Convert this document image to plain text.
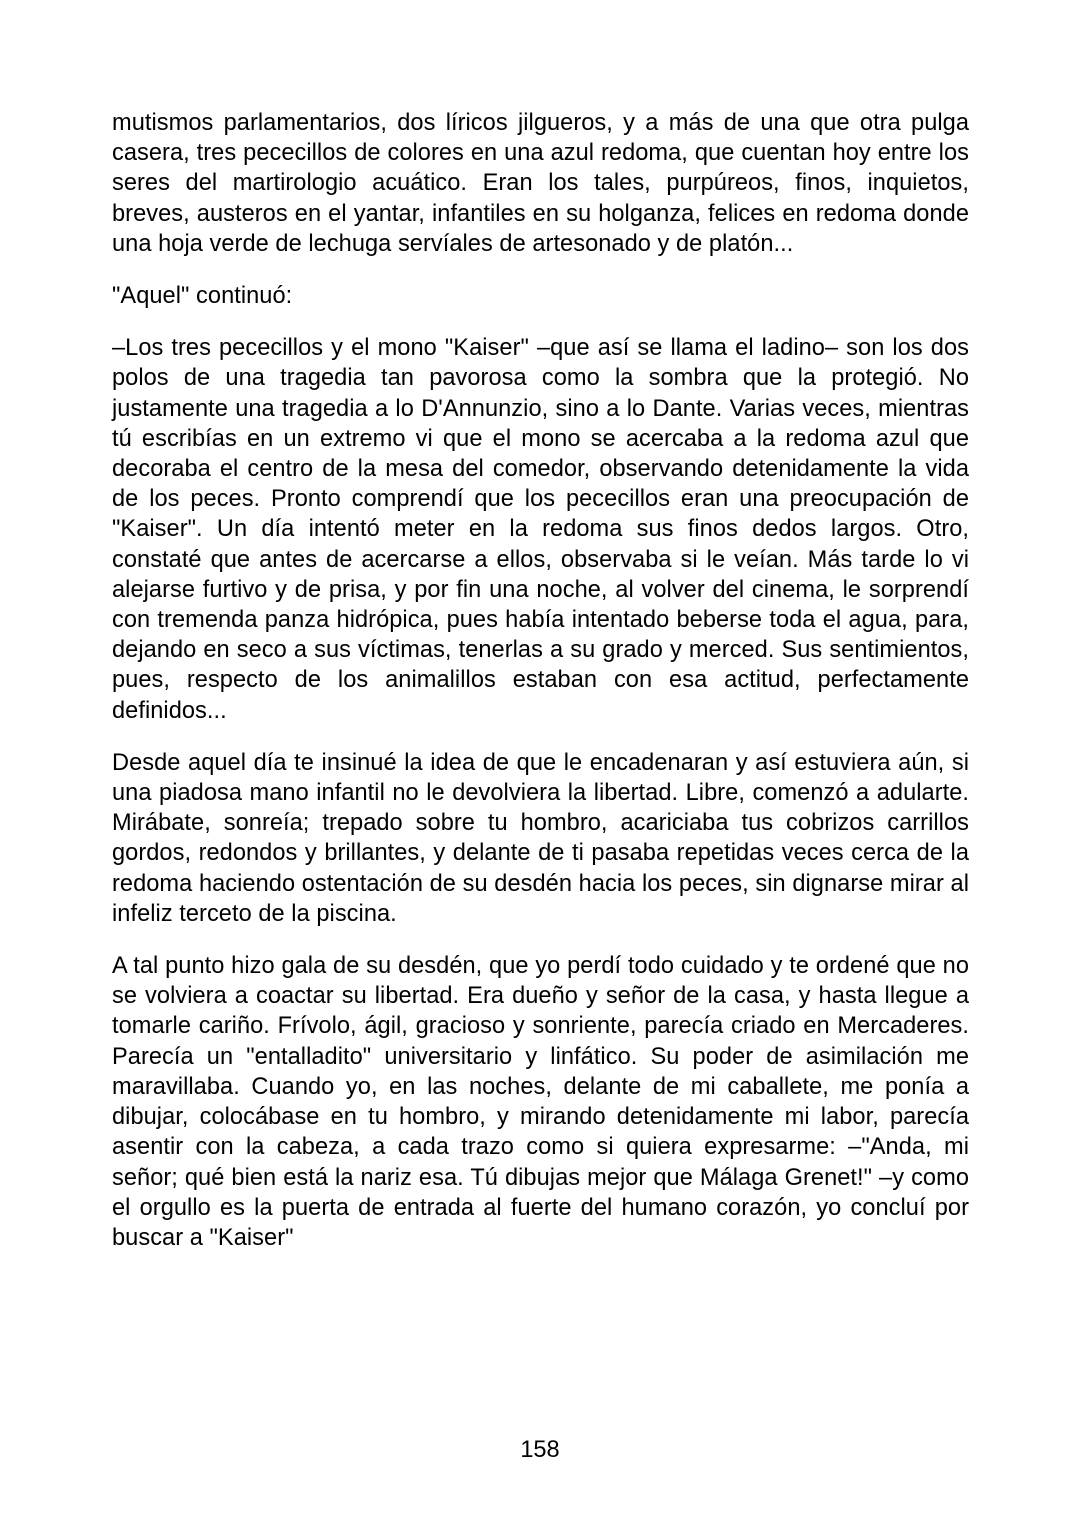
mutismos parlamentarios, dos líricos jilgueros, y a más de una que otra pulga casera, tres pececillos de colores en una azul redoma, que cuentan hoy entre los seres del martirologio acuático. Eran los tales, purpúreos, finos, inquietos, breves, austeros en el yantar, infantiles en su holganza, felices en redoma donde una hoja verde de lechuga servíales de artesonado y de platón...

"Aquel" continuó:

–Los tres pececillos y el mono "Kaiser" –que así se llama el ladino– son los dos polos de una tragedia tan pavorosa como la sombra que la protegió. No justamente una tragedia a lo D'Annunzio, sino a lo Dante. Varias veces, mientras tú escribías en un extremo vi que el mono se acercaba a la redoma azul que decoraba el centro de la mesa del comedor, observando detenidamente la vida de los peces. Pronto comprendí que los pececillos eran una preocupación de "Kaiser". Un día intentó meter en la redoma sus finos dedos largos. Otro, constaté que antes de acercarse a ellos, observaba si le veían. Más tarde lo vi alejarse furtivo y de prisa, y por fin una noche, al volver del cinema, le sorprendí con tremenda panza hidrópica, pues había intentado beberse toda el agua, para, dejando en seco a sus víctimas, tenerlas a su grado y merced. Sus sentimientos, pues, respecto de los animalillos estaban con esa actitud, perfectamente definidos...

Desde aquel día te insinué la idea de que le encadenaran y así estuviera aún, si una piadosa mano infantil no le devolviera la libertad. Libre, comenzó a adularte. Mirábate, sonreía; trepado sobre tu hombro, acariciaba tus cobrizos carrillos gordos, redondos y brillantes, y delante de ti pasaba repetidas veces cerca de la redoma haciendo ostentación de su desdén hacia los peces, sin dignarse mirar al infeliz terceto de la piscina.

A tal punto hizo gala de su desdén, que yo perdí todo cuidado y te ordené que no se volviera a coactar su libertad. Era dueño y señor de la casa, y hasta llegue a tomarle cariño. Frívolo, ágil, gracioso y sonriente, parecía criado en Mercaderes. Parecía un "entalladito" universitario y linfático. Su poder de asimilación me maravillaba. Cuando yo, en las noches, delante de mi caballete, me ponía a dibujar, colocábase en tu hombro, y mirando detenidamente mi labor, parecía asentir con la cabeza, a cada trazo como si quiera expresarme: –"Anda, mi señor; qué bien está la nariz esa. Tú dibujas mejor que Málaga Grenet!" –y como el orgullo es la puerta de entrada al fuerte del humano corazón, yo concluí por buscar a "Kaiser"

158
